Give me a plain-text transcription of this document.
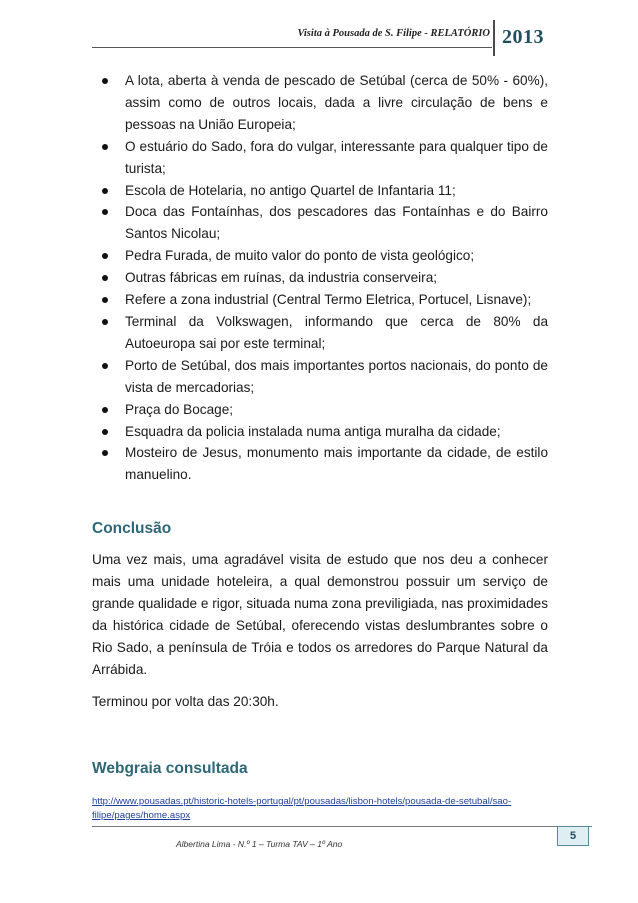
Visita à Pousada de S. Filipe - RELATÓRIO 2013
A lota, aberta à venda de pescado de Setúbal (cerca de 50% - 60%), assim como de outros locais, dada a livre circulação de bens e pessoas na União Europeia;
O estuário do Sado, fora do vulgar, interessante para qualquer tipo de turista;
Escola de Hotelaria, no antigo Quartel de Infantaria 11;
Doca das Fontaínhas, dos pescadores das Fontaínhas e do Bairro Santos Nicolau;
Pedra Furada, de muito valor do ponto de vista geológico;
Outras fábricas em ruínas, da industria conserveira;
Refere a zona industrial (Central Termo Eletrica, Portucel, Lisnave);
Terminal da Volkswagen, informando que cerca de 80% da Autoeuropa sai por este terminal;
Porto de Setúbal, dos mais importantes portos nacionais, do ponto de vista de mercadorias;
Praça do Bocage;
Esquadra da policia instalada numa antiga muralha da cidade;
Mosteiro de Jesus, monumento mais importante da cidade, de estilo manuelino.
Conclusão

Uma vez mais, uma agradável visita de estudo que nos deu a conhecer mais uma unidade hoteleira, a qual demonstrou possuir um serviço de grande qualidade e rigor, situada numa zona previligiada, nas proximidades da histórica cidade de Setúbal, oferecendo vistas deslumbrantes sobre o Rio Sado, a península de Tróia e todos os arredores do Parque Natural da Arrábida.

Terminou por volta das 20:30h.

Webgraia consultada
http://www.pousadas.pt/historic-hotels-portugal/pt/pousadas/lisbon-hotels/pousada-de-setubal/sao-filipe/pages/home.aspx
5
Albertina Lima - N.º 1 – Turma TAV – 1º Ano
